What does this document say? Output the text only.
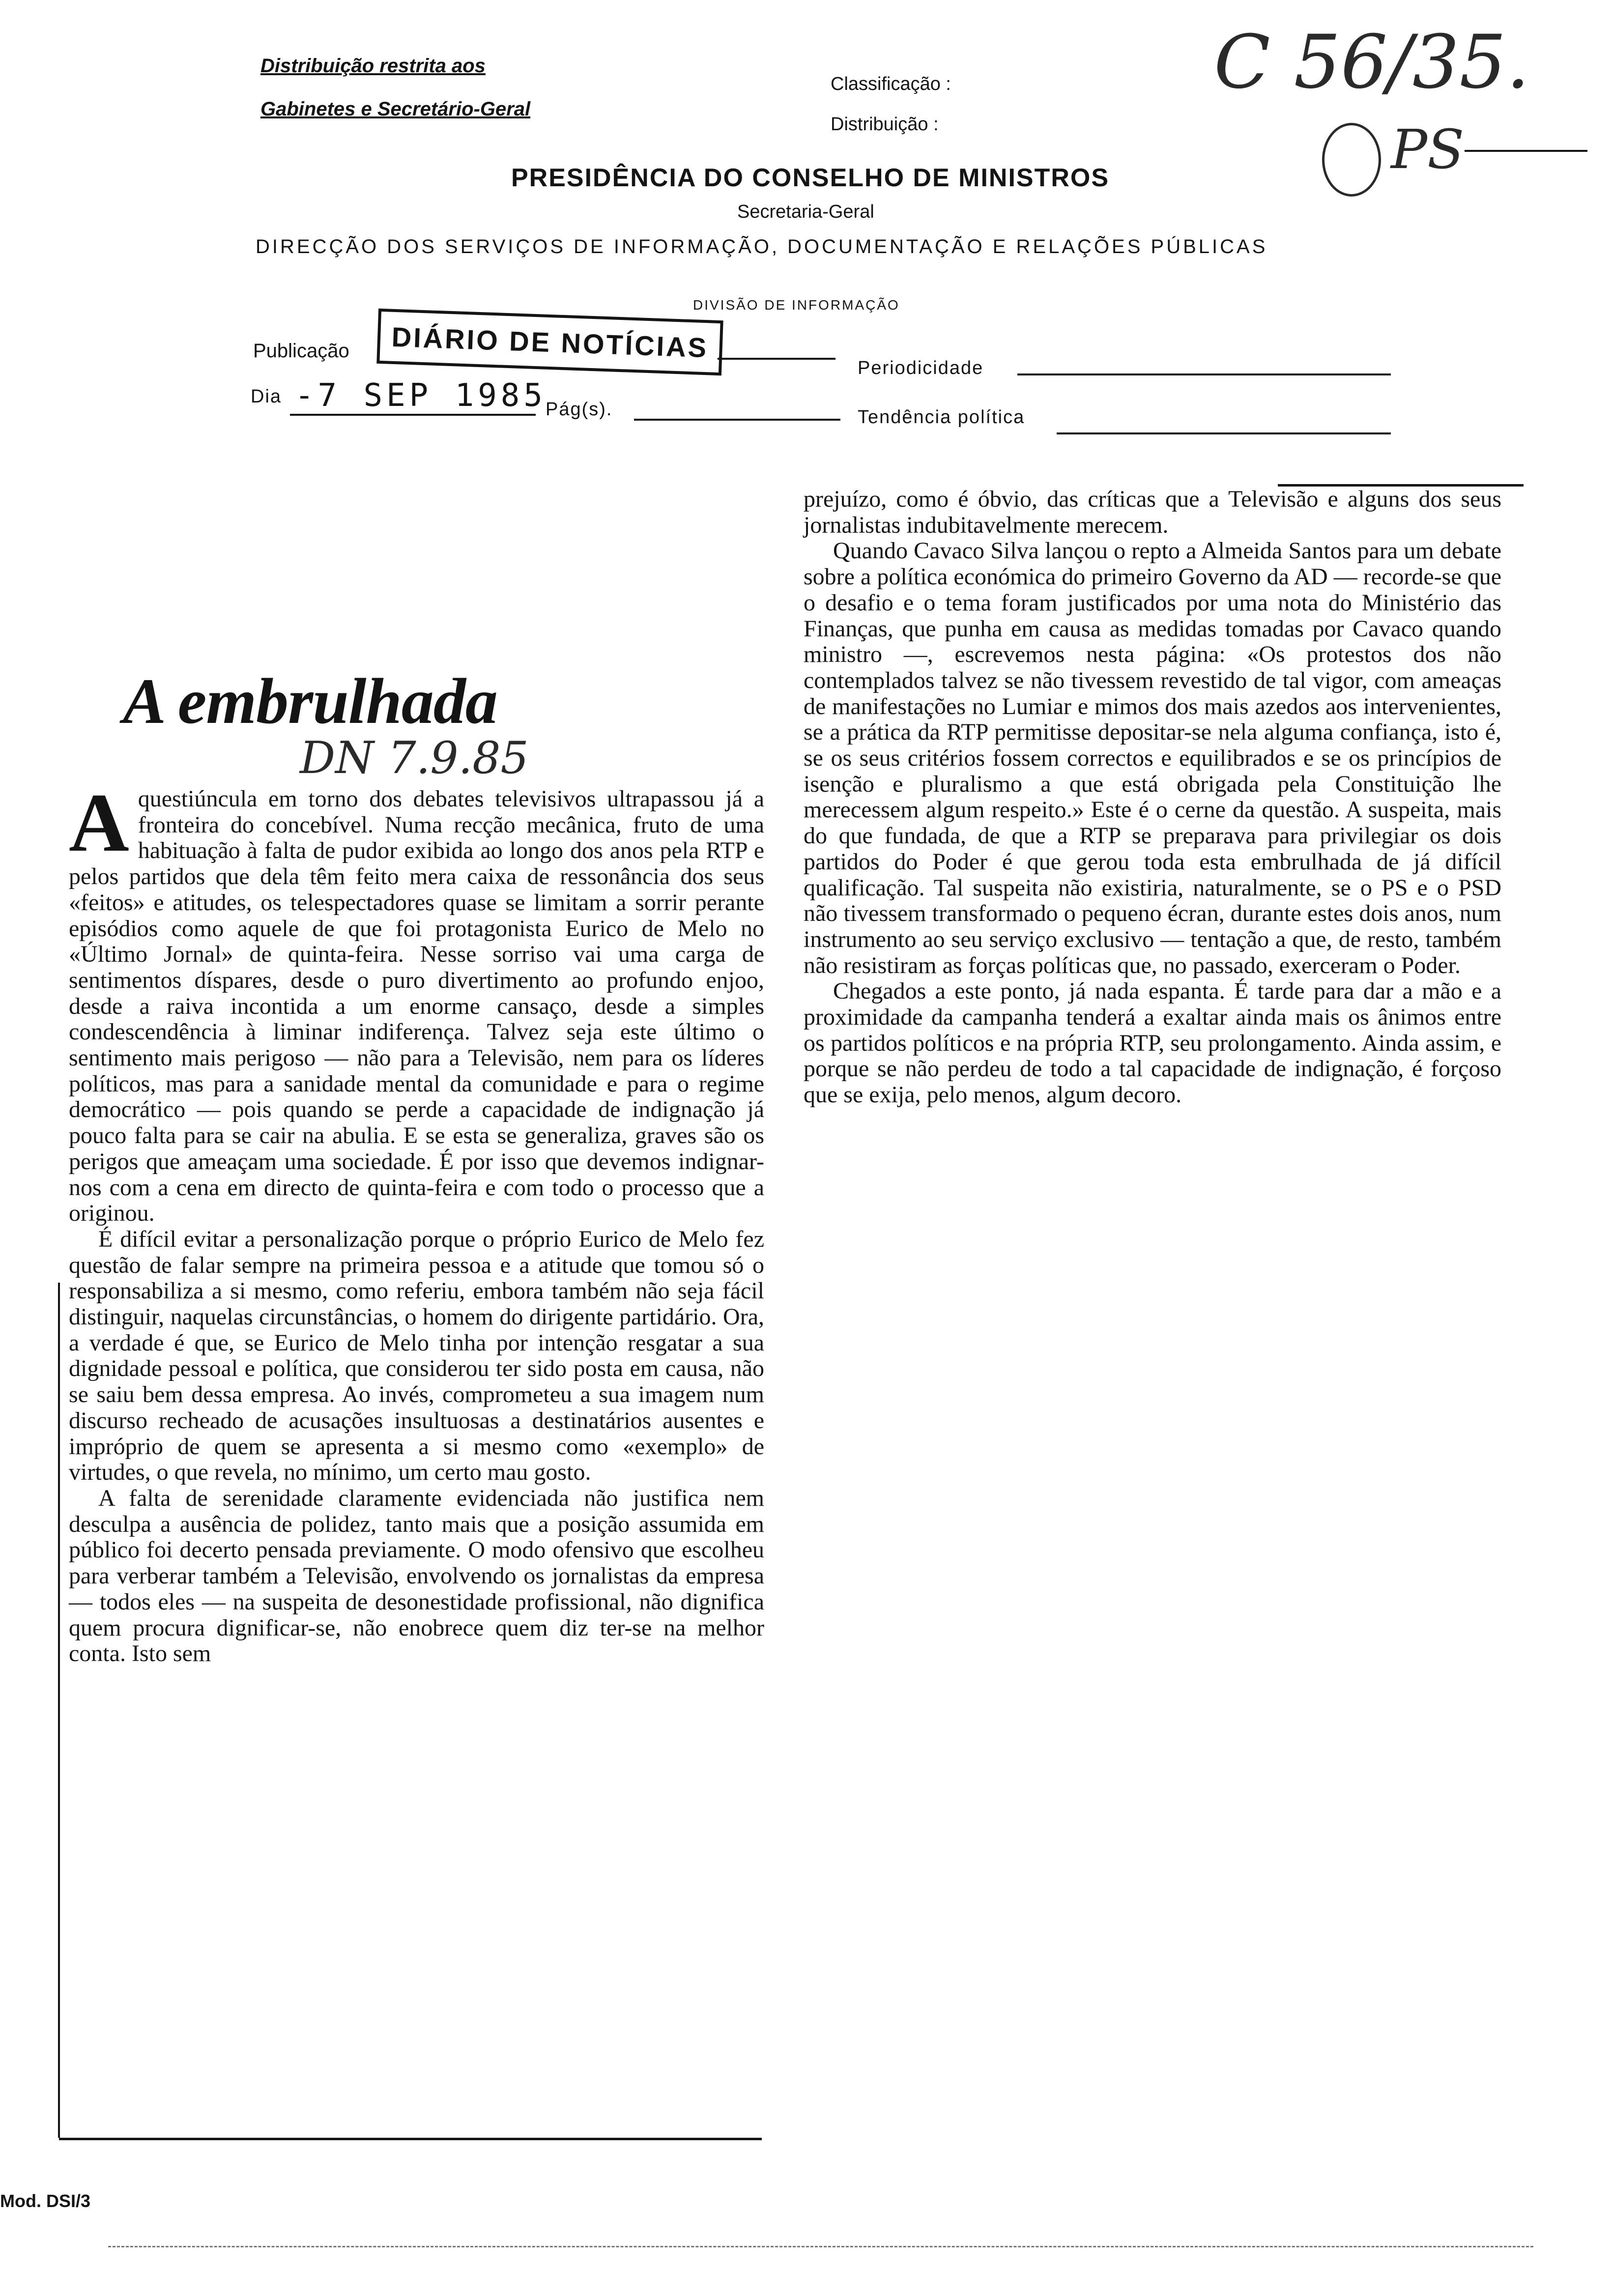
Distribuição restrita aos
Gabinetes e Secretário-Geral
Classificação :
Distribuição :
C 56/35.
PS
PRESIDÊNCIA DO CONSELHO DE MINISTROS
Secretaria-Geral
DIRECÇÃO DOS SERVIÇOS DE INFORMAÇÃO, DOCUMENTAÇÃO E RELAÇÕES PÚBLICAS
DIVISÃO DE INFORMAÇÃO
Publicação	DIÁRIO DE NOTÍCIAS
Periodicidade
Dia -7 SEP 1985
Pág(s).	Tendência política
A embrulhada
DN 7.9.85

Aquestiúncula em torno dos debates televisivos ultrapassou já a fronteira do concebível. Numa recção mecânica, fruto de uma habituação à falta de pudor exibida ao longo dos anos pela RTP e pelos partidos que dela têm feito mera caixa de ressonância dos seus «feitos» e atitudes, os telespectadores quase se limitam a sorrir perante episódios como aquele de que foi protagonista Eurico de Melo no «Último Jornal» de quinta-feira. Nesse sorriso vai uma carga de sentimentos díspares, desde o puro divertimento ao profundo enjoo, desde a raiva incontida a um enorme cansaço, desde a simples condescendência à liminar indiferença. Talvez seja este último o sentimento mais perigoso — não para a Televisão, nem para os líderes políticos, mas para a sanidade mental da comunidade e para o regime democrático — pois quando se perde a capacidade de indignação já pouco falta para se cair na abulia. E se esta se generaliza, graves são os perigos que ameaçam uma sociedade. É por isso que devemos indignar-nos com a cena em directo de quinta-feira e com todo o processo que a originou.

É difícil evitar a personalização porque o próprio Eurico de Melo fez questão de falar sempre na primeira pessoa e a atitude que tomou só o responsabiliza a si mesmo, como referiu, embora também não seja fácil distinguir, naquelas circunstâncias, o homem do dirigente partidário. Ora, a verdade é que, se Eurico de Melo tinha por intenção resgatar a sua dignidade pessoal e política, que considerou ter sido posta em causa, não se saiu bem dessa empresa. Ao invés, comprometeu a sua imagem num discurso recheado de acusações insultuosas a destinatários ausentes e impróprio de quem se apresenta a si mesmo como «exemplo» de virtudes, o que revela, no mínimo, um certo mau gosto.

A falta de serenidade claramente evidenciada não justifica nem desculpa a ausência de polidez, tanto mais que a posição assumida em público foi decerto pensada previamente. O modo ofensivo que escolheu para verberar também a Televisão, envolvendo os jornalistas da empresa — todos eles — na suspeita de desonestidade profissional, não dignifica quem procura dignificar-se, não enobrece quem diz ter-se na melhor conta. Isto sem

prejuízo, como é óbvio, das críticas que a Televisão e alguns dos seus jornalistas indubitavelmente merecem.

Quando Cavaco Silva lançou o repto a Almeida Santos para um debate sobre a política económica do primeiro Governo da AD — recorde-se que o desafio e o tema foram justificados por uma nota do Ministério das Finanças, que punha em causa as medidas tomadas por Cavaco quando ministro —, escrevemos nesta página: «Os protestos dos não contemplados talvez se não tivessem revestido de tal vigor, com ameaças de manifestações no Lumiar e mimos dos mais azedos aos intervenientes, se a prática da RTP permitisse depositar-se nela alguma confiança, isto é, se os seus critérios fossem correctos e equilibrados e se os princípios de isenção e pluralismo a que está obrigada pela Constituição lhe merecessem algum respeito.» Este é o cerne da questão. A suspeita, mais do que fundada, de que a RTP se preparava para privilegiar os dois partidos do Poder é que gerou toda esta embrulhada de já difícil qualificação. Tal suspeita não existiria, naturalmente, se o PS e o PSD não tivessem transformado o pequeno écran, durante estes dois anos, num instrumento ao seu serviço exclusivo — tentação a que, de resto, também não resistiram as forças políticas que, no passado, exerceram o Poder.

Chegados a este ponto, já nada espanta. É tarde para dar a mão e a proximidade da campanha tenderá a exaltar ainda mais os ânimos entre os partidos políticos e na própria RTP, seu prolongamento. Ainda assim, e porque se não perdeu de todo a tal capacidade de indignação, é forçoso que se exija, pelo menos, algum decoro.

Mod. DSI/3
